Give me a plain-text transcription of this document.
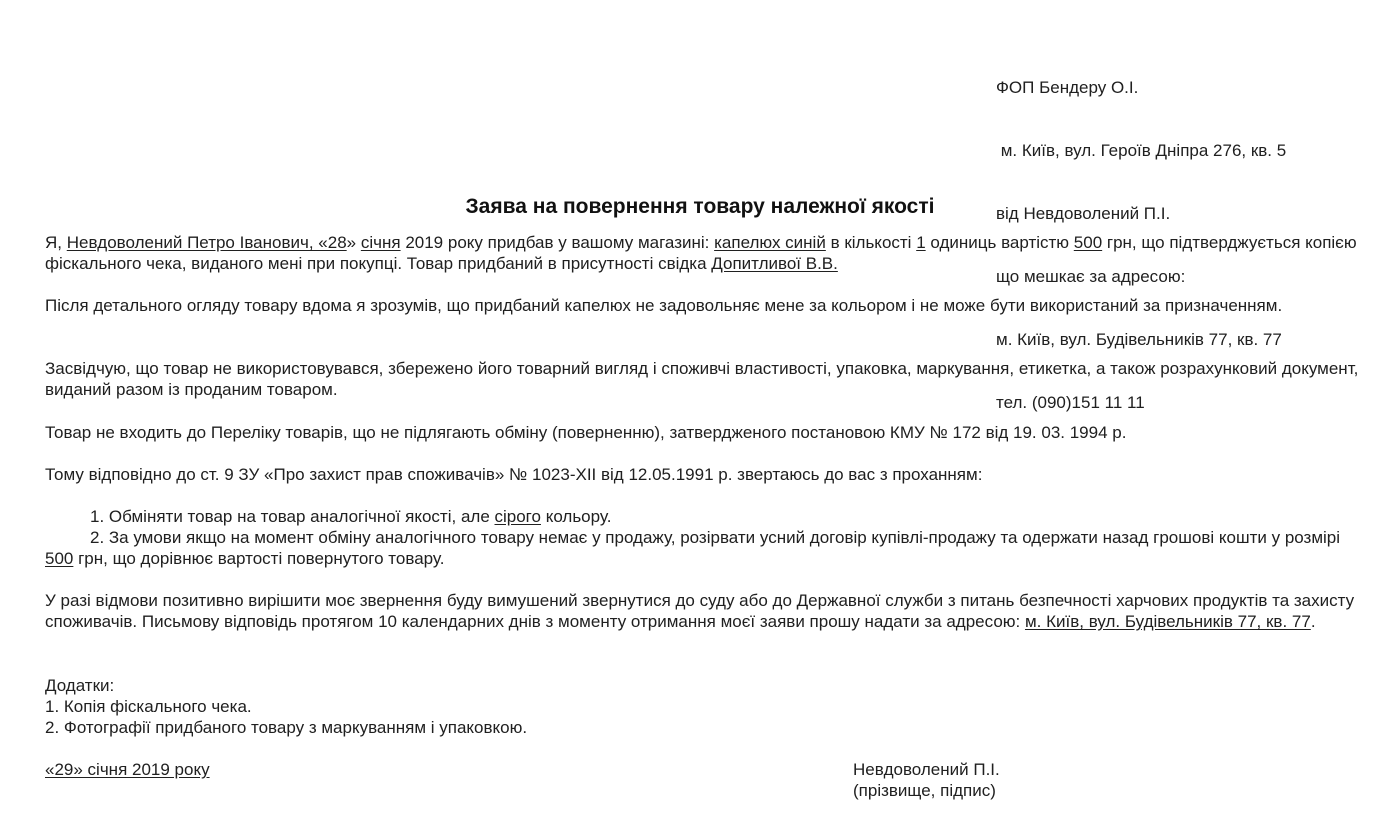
ФОП Бендеру О.І.

м. Київ, вул. Героїв Дніпра 276, кв. 5

від Невдоволений П.І.

що мешкає за адресою:

м. Київ, вул. Будівельників 77, кв. 77

тел. (090)151 11 11

Заява на повернення товару належної якості

Я, Невдоволений Петро Іванович, «28» січня 2019 року придбав у вашому магазині: капелюх синій в кількості 1 одиниць вартістю 500 грн, що підтверджується копією фіскального чека, виданого мені при покупці. Товар придбаний в присутності свідка Допитливої В.В.

Після детального огляду товару вдома я зрозумів, що придбаний капелюх не задовольняє мене за кольором і не може бути використаний за призначенням.

Засвідчую, що товар не використовувався, збережено його товарний вигляд і споживчі властивості, упаковка, маркування, етикетка, а також розрахунковий документ, виданий разом із проданим товаром.

Товар не входить до Переліку товарів, що не підлягають обміну (поверненню), затвердженого постановою КМУ № 172 від 19. 03. 1994 р.

Тому відповідно до ст. 9 ЗУ «Про захист прав споживачів» № 1023-XII від 12.05.1991 р. звертаюсь до вас з проханням:

1. Обміняти товар на товар аналогічної якості, але сірого кольору.

2. За умови якщо на момент обміну аналогічного товару немає у продажу, розірвати усний договір купівлі-продажу та одержати назад грошові кошти у розмірі 500 грн, що дорівнює вартості повернутого товару.

У разі відмови позитивно вирішити моє звернення буду вимушений звернутися до суду або до Державної служби з питань безпечності харчових продуктів та захисту споживачів. Письмову відповідь протягом 10 календарних днів з моменту отримання моєї заяви прошу надати за адресою: м. Київ, вул. Будівельників 77, кв. 77.

Додатки:

1. Копія фіскального чека.

2. Фотографії придбаного товару з маркуванням і упаковкою.

«29» січня 2019 року	Невдоволений П.І.
(прізвище, підпис)
